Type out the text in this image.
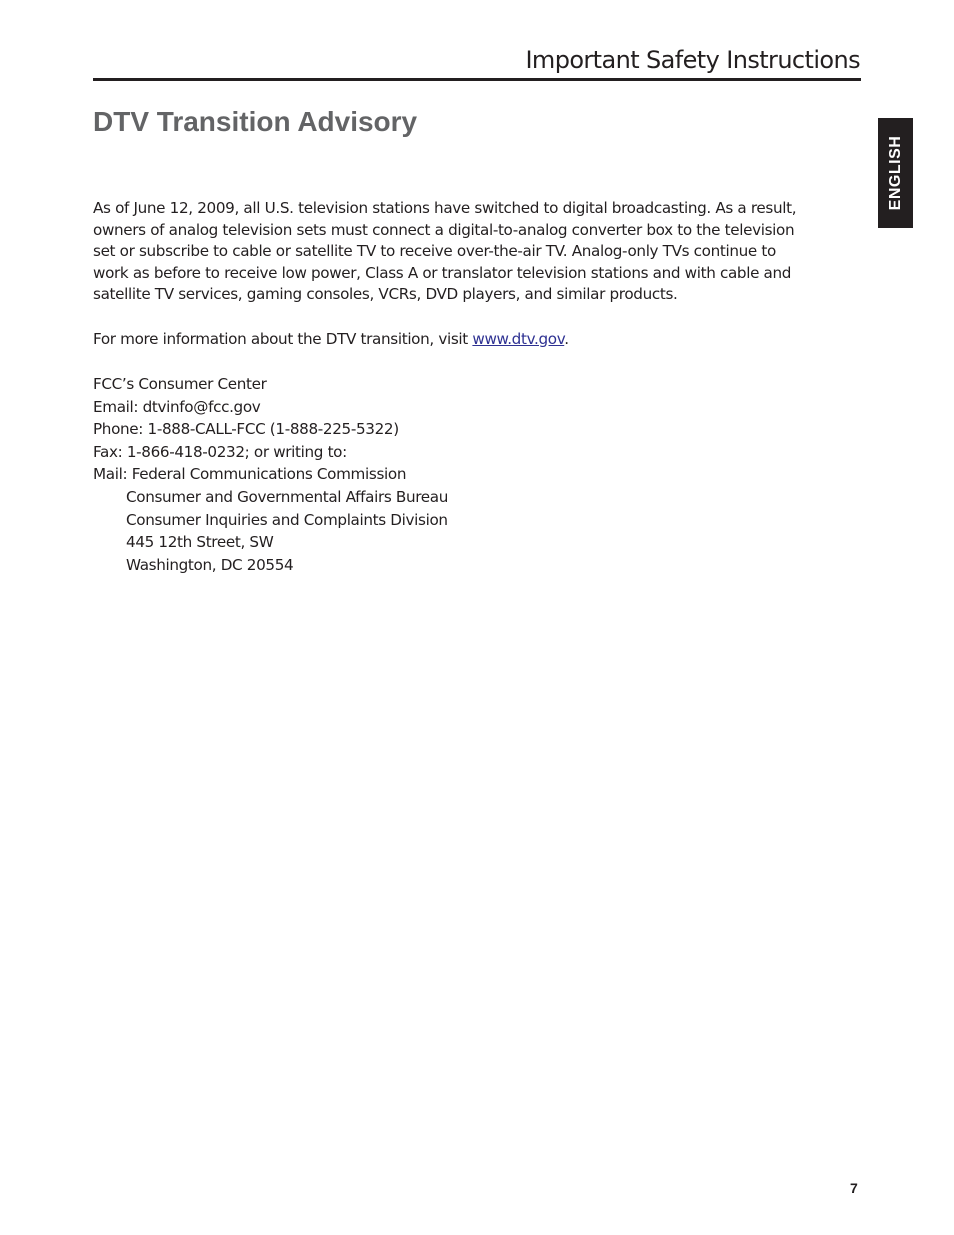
Important Safety Instructions
DTV Transition Advisory
ENGLISH

As of June 12, 2009, all U.S. television stations have switched to digital broadcasting. As a result, owners of analog television sets must connect a digital-to-analog converter box to the television set or subscribe to cable or satellite TV to receive over-the-air TV. Analog-only TVs continue to work as before to receive low power, Class A or translator television stations and with cable and satellite TV services, gaming consoles, VCRs, DVD players, and similar products.

For more information about the DTV transition, visit www.dtv.gov.

FCC’s Consumer Center
Email: dtvinfo@fcc.gov
Phone: 1-888-CALL-FCC (1-888-225-5322)
Fax: 1-866-418-0232; or writing to:
Mail: Federal Communications Commission
Consumer and Governmental Affairs Bureau
Consumer Inquiries and Complaints Division
445 12th Street, SW
Washington, DC 20554
7
